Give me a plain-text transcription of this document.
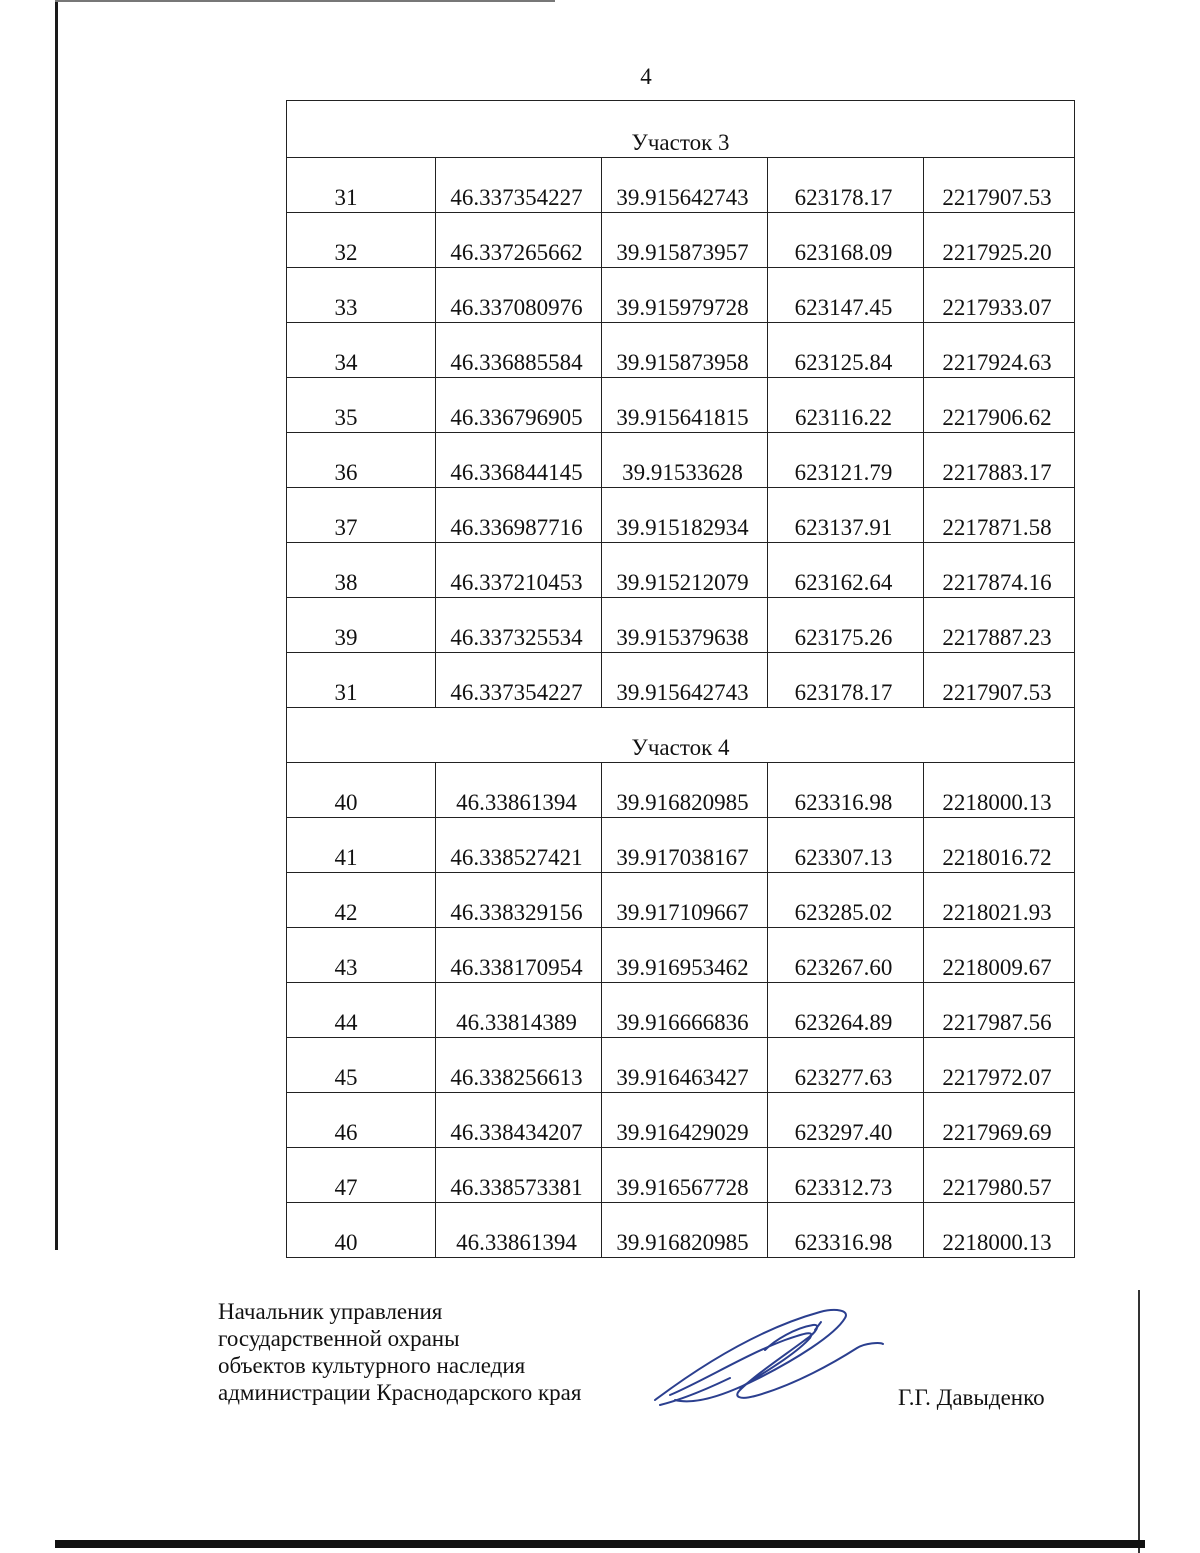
4
Участок 3				
31	46.337354227	39.915642743	623178.17	2217907.53
32	46.337265662	39.915873957	623168.09	2217925.20
33	46.337080976	39.915979728	623147.45	2217933.07
34	46.336885584	39.915873958	623125.84	2217924.63
35	46.336796905	39.915641815	623116.22	2217906.62
36	46.336844145	39.91533628	623121.79	2217883.17
37	46.336987716	39.915182934	623137.91	2217871.58
38	46.337210453	39.915212079	623162.64	2217874.16
39	46.337325534	39.915379638	623175.26	2217887.23
31	46.337354227	39.915642743	623178.17	2217907.53
Участок 4				
40	46.33861394	39.916820985	623316.98	2218000.13
41	46.338527421	39.917038167	623307.13	2218016.72
42	46.338329156	39.917109667	623285.02	2218021.93
43	46.338170954	39.916953462	623267.60	2218009.67
44	46.33814389	39.916666836	623264.89	2217987.56
45	46.338256613	39.916463427	623277.63	2217972.07
46	46.338434207	39.916429029	623297.40	2217969.69
47	46.338573381	39.916567728	623312.73	2217980.57
40	46.33861394	39.916820985	623316.98	2218000.13
Начальник управления
государственной охраны
объектов культурного наследия
администрации Краснодарского края	Г.Г. Давыденко
